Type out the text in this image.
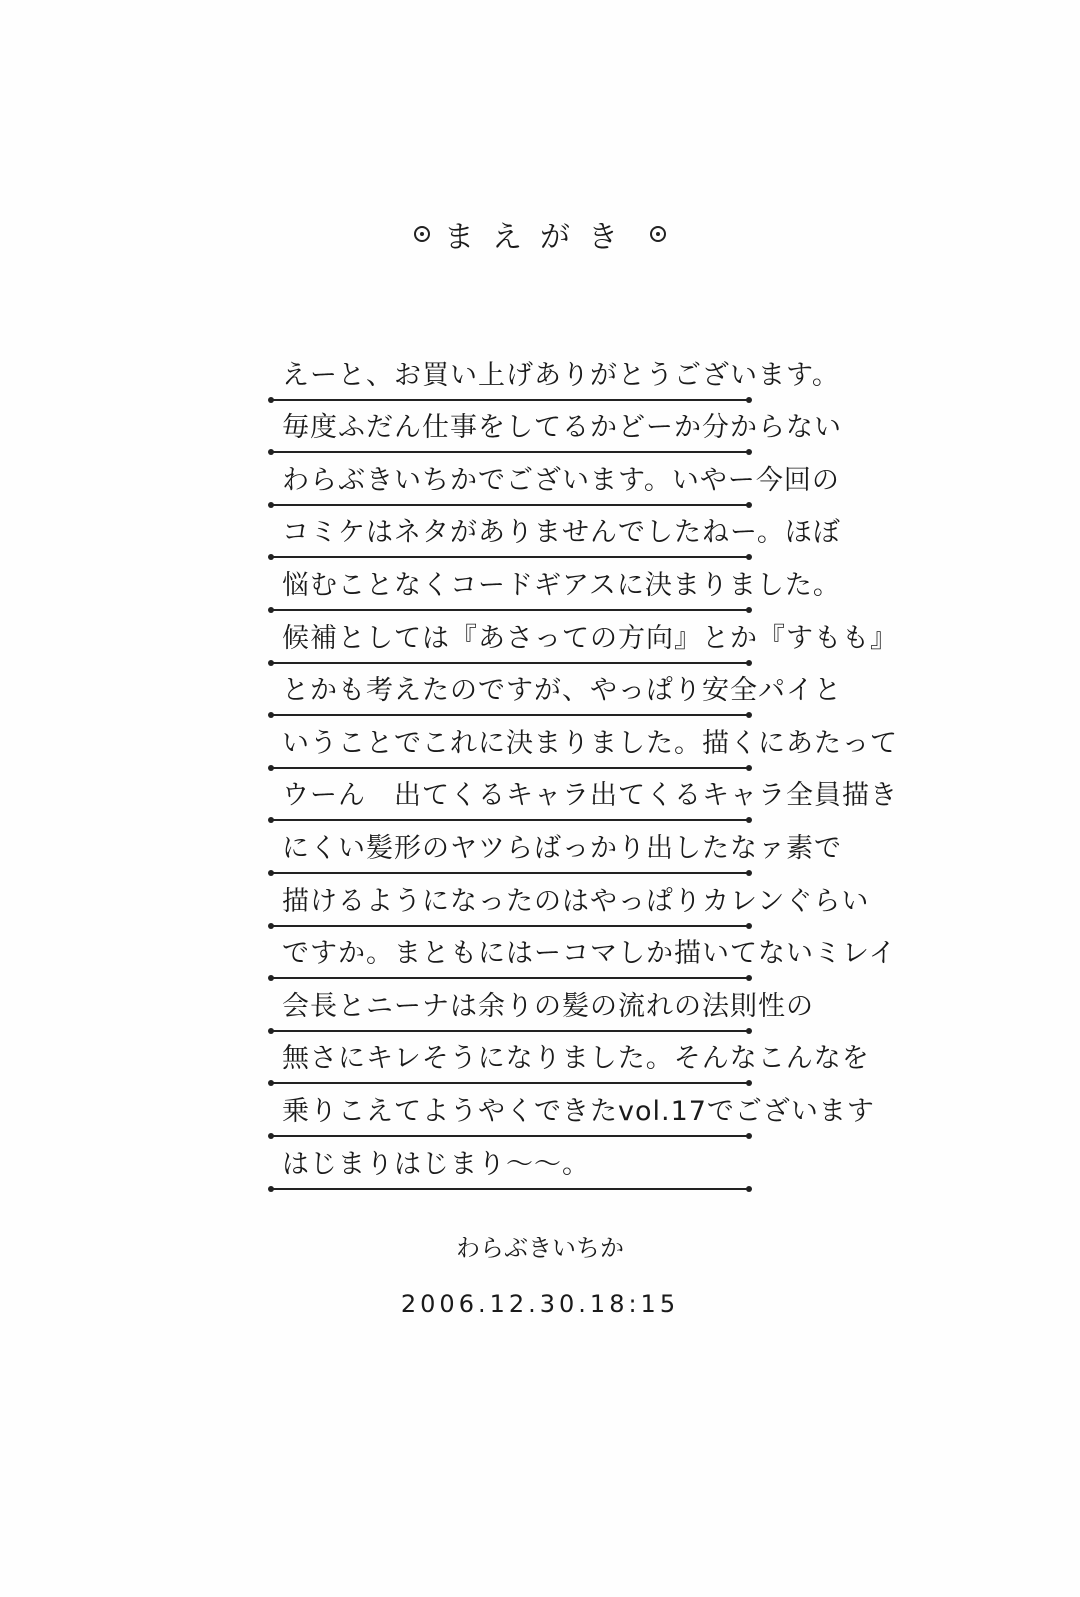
まえがき
えーと、お買い上げありがとうございます。
毎度ふだん仕事をしてるかどーか分からない
わらぶきいちかでございます。いやー今回の
コミケはネタがありませんでしたねー。ほぼ
悩むことなくコードギアスに決まりました。
候補としては『あさっての方向』とか『すもも』
とかも考えたのですが、やっぱり安全パイと
いうことでこれに決まりました。描くにあたって
ウーん　出てくるキャラ出てくるキャラ全員描き
にくい髪形のヤツらばっかり出したなァ素で
描けるようになったのはやっぱりカレンぐらい
ですか。まともにはーコマしか描いてないミレイ
会長とニーナは余りの髪の流れの法則性の
無さにキレそうになりました。そんなこんなを
乗りこえてようやくできたvol.17でございます
はじまりはじまり～～。
わらぶきいちか
2006.12.30.18:15
